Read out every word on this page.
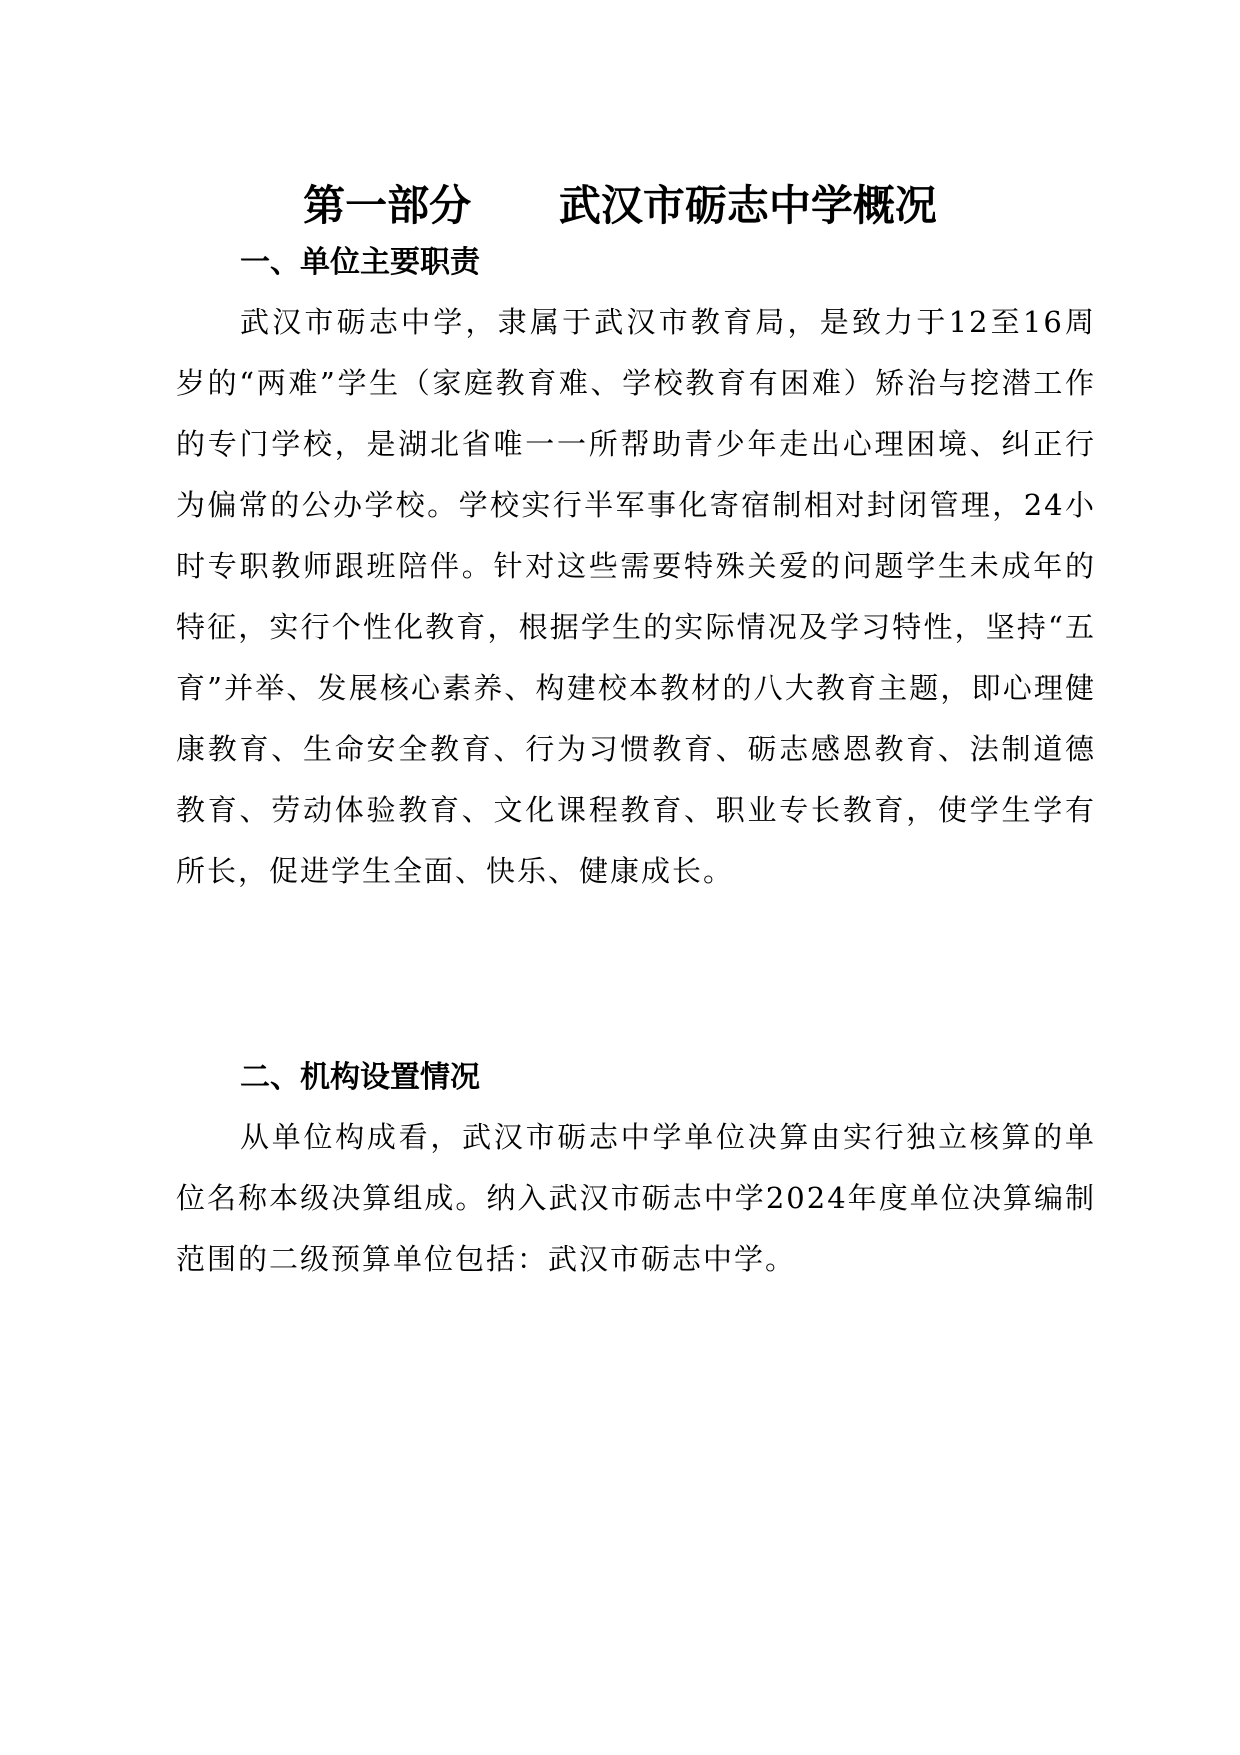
第一部分      武汉市砺志中学概况
一、单位主要职责

武汉市砺志中学，隶属于武汉市教育局，是致力于12至16周岁的“两难”学生（家庭教育难、学校教育有困难）矫治与挖潜工作的专门学校，是湖北省唯一一所帮助青少年走出心理困境、纠正行为偏常的公办学校。学校实行半军事化寄宿制相对封闭管理，24小时专职教师跟班陪伴。针对这些需要特殊关爱的问题学生未成年的特征，实行个性化教育，根据学生的实际情况及学习特性，坚持“五育”并举、发展核心素养、构建校本教材的八大教育主题，即心理健康教育、生命安全教育、行为习惯教育、砺志感恩教育、法制道德教育、劳动体验教育、文化课程教育、职业专长教育，使学生学有所长，促进学生全面、快乐、健康成长。

二、机构设置情况

从单位构成看，武汉市砺志中学单位决算由实行独立核算的单位名称本级决算组成。纳入武汉市砺志中学2024年度单位决算编制范围的二级预算单位包括：武汉市砺志中学。
